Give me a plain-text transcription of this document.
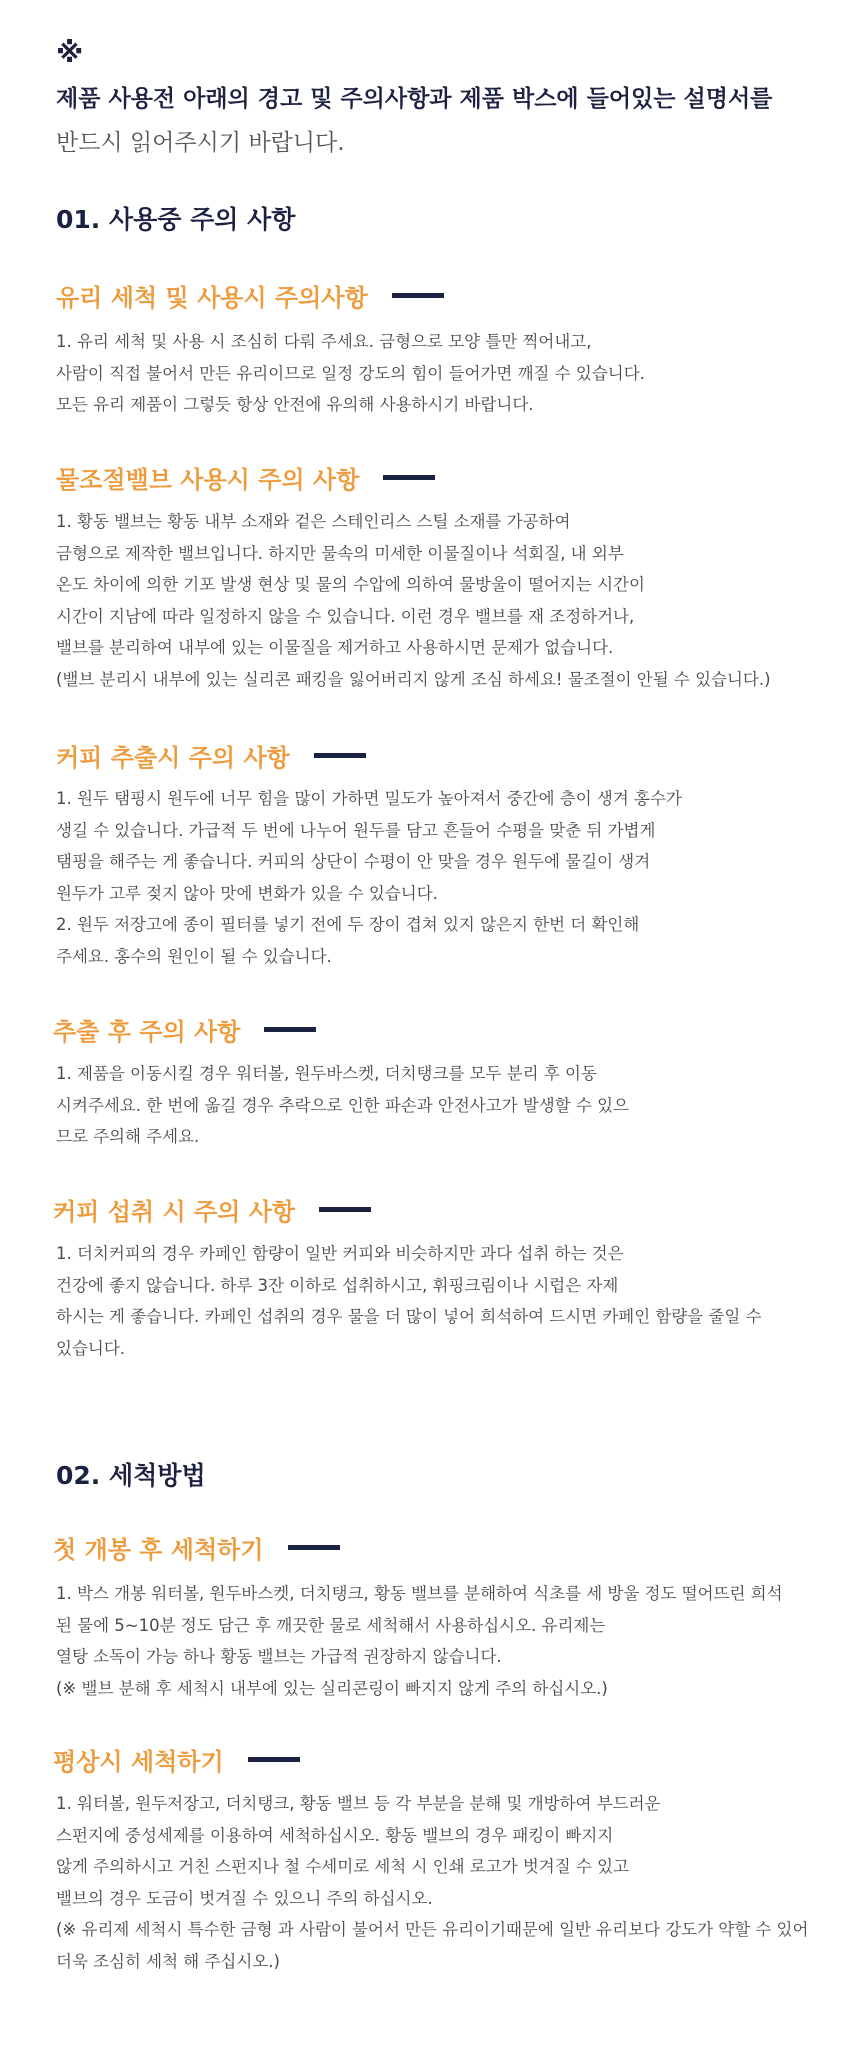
※
제품 사용전 아래의 경고 및 주의사항과 제품 박스에 들어있는 설명서를
반드시 읽어주시기 바랍니다.
01. 사용중 주의 사항
유리 세척 및 사용시 주의사항
1. 유리 세척 및 사용 시 조심히 다뤄 주세요. 금형으로 모양 틀만 찍어내고,
사람이 직접 불어서 만든 유리이므로 일정 강도의 힘이 들어가면 깨질 수 있습니다.
모든 유리 제품이 그렇듯 항상 안전에 유의해 사용하시기 바랍니다.
물조절밸브 사용시 주의 사항
1. 황동 밸브는 황동 내부 소재와 겉은 스테인리스 스틸 소재를 가공하여
금형으로 제작한 밸브입니다. 하지만 물속의 미세한 이물질이나 석회질, 내 외부
온도 차이에 의한 기포 발생 현상 및 물의 수압에 의하여 물방울이 떨어지는 시간이
시간이 지남에 따라 일정하지 않을 수 있습니다. 이런 경우 밸브를 재 조정하거나,
밸브를 분리하여 내부에 있는 이물질을 제거하고 사용하시면 문제가 없습니다.
(밸브 분리시 내부에 있는 실리콘 패킹을 잃어버리지 않게 조심 하세요! 물조절이 안될 수 있습니다.)
커피 추출시 주의 사항
1. 원두 탬핑시 원두에 너무 힘을 많이 가하면 밀도가 높아져서 중간에 층이 생겨 홍수가
생길 수 있습니다. 가급적 두 번에 나누어 원두를 담고 흔들어 수평을 맞춘 뒤 가볍게
탬핑을 해주는 게 좋습니다. 커피의 상단이 수평이 안 맞을 경우 원두에 물길이 생겨
원두가 고루 젖지 않아 맛에 변화가 있을 수 있습니다.
2. 원두 저장고에 종이 필터를 넣기 전에 두 장이 겹쳐 있지 않은지 한번 더 확인해
주세요. 홍수의 원인이 될 수 있습니다.
추출 후 주의 사항
1. 제품을 이동시킬 경우 워터볼, 원두바스켓, 더치탱크를 모두 분리 후 이동
시켜주세요. 한 번에 옮길 경우 추락으로 인한 파손과 안전사고가 발생할 수 있으
므로 주의해 주세요.
커피 섭취 시 주의 사항
1. 더치커피의 경우 카페인 함량이 일반 커피와 비슷하지만 과다 섭취 하는 것은
건강에 좋지 않습니다. 하루 3잔 이하로 섭취하시고, 휘핑크림이나 시럽은 자제
하시는 게 좋습니다. 카페인 섭취의 경우 물을 더 많이 넣어 희석하여 드시면 카페인 함량을 줄일 수
있습니다.
02. 세척방법
첫 개봉 후 세척하기
1. 박스 개봉 워터볼, 원두바스켓, 더치탱크, 황동 밸브를 분해하여 식초를 세 방울 정도 떨어뜨린 희석
된 물에 5~10분 정도 담근 후 깨끗한 물로 세척해서 사용하십시오. 유리제는
열탕 소독이 가능 하나 황동 밸브는 가급적 권장하지 않습니다.
(※ 밸브 분해 후 세척시 내부에 있는 실리콘링이 빠지지 않게 주의 하십시오.)
평상시 세척하기
1. 워터볼, 원두저장고, 더치탱크, 황동 밸브 등 각 부분을 분해 및 개방하여 부드러운
스펀지에 중성세제를 이용하여 세척하십시오. 황동 밸브의 경우 패킹이 빠지지
않게 주의하시고 거친 스펀지나 철 수세미로 세척 시 인쇄 로고가 벗겨질 수 있고
밸브의 경우 도금이 벗겨질 수 있으니 주의 하십시오.
(※ 유리제 세척시 특수한 금형 과 사람이 불어서 만든 유리이기때문에 일반 유리보다 강도가 약할 수 있어
더욱 조심히 세척 해 주십시오.)
